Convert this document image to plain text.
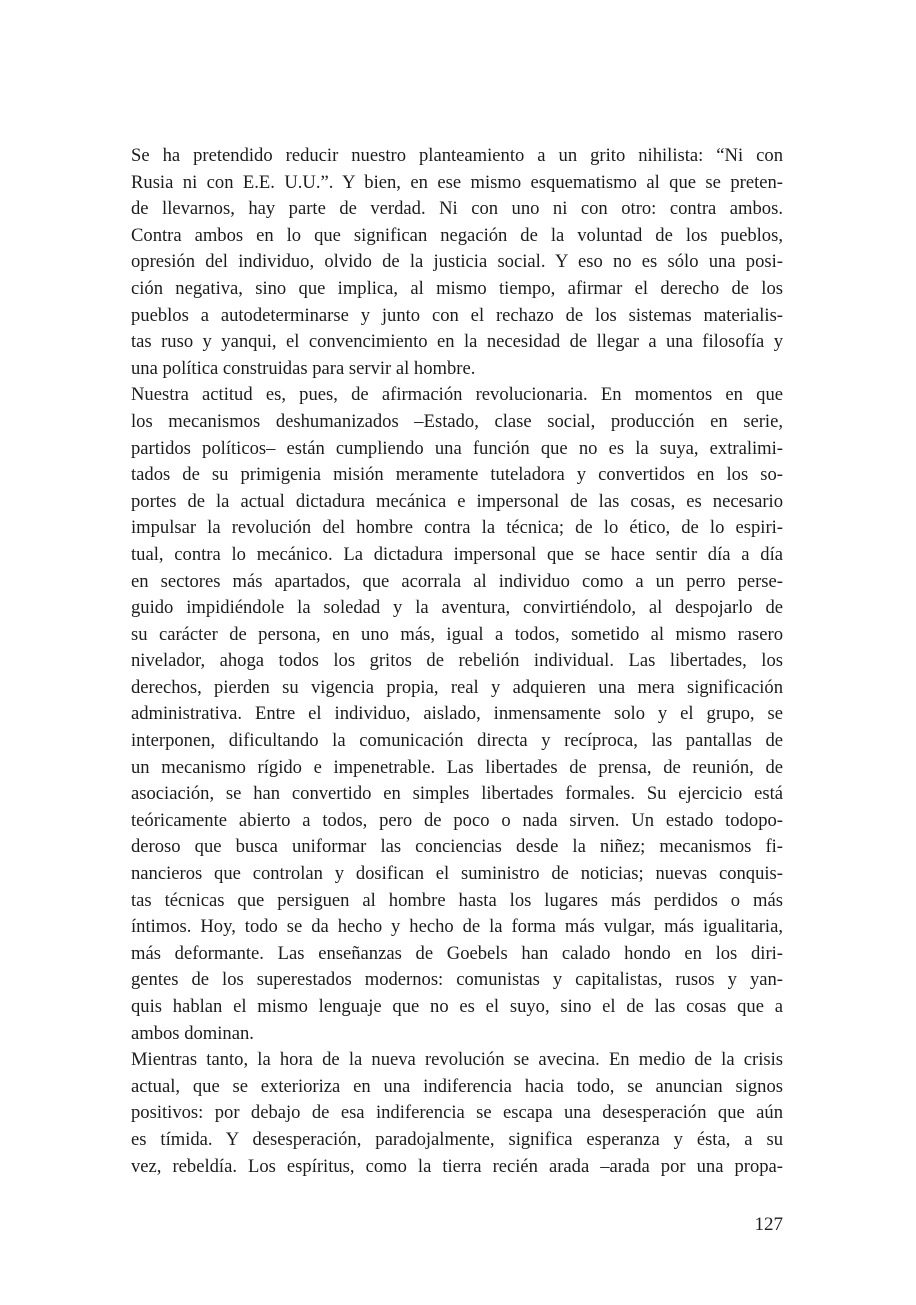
Se ha pretendido reducir nuestro planteamiento a un grito nihilista: “Ni con
Rusia ni con E.E. U.U.”. Y bien, en ese mismo esquematismo al que se preten-
de llevarnos, hay parte de verdad. Ni con uno ni con otro: contra ambos.
Contra ambos en lo que significan negación de la voluntad de los pueblos,
opresión del individuo, olvido de la justicia social. Y eso no es sólo una posi-
ción negativa, sino que implica, al mismo tiempo, afirmar el derecho de los
pueblos a autodeterminarse y junto con el rechazo de los sistemas materialis-
tas ruso y yanqui, el convencimiento en la necesidad de llegar a una filosofía y
una política construidas para servir al hombre.
Nuestra actitud es, pues, de afirmación revolucionaria. En momentos en que
los mecanismos deshumanizados –Estado, clase social, producción en serie,
partidos políticos– están cumpliendo una función que no es la suya, extralimi-
tados de su primigenia misión meramente tuteladora y convertidos en los so-
portes de la actual dictadura mecánica e impersonal de las cosas, es necesario
impulsar la revolución del hombre contra la técnica; de lo ético, de lo espiri-
tual, contra lo mecánico. La dictadura impersonal que se hace sentir día a día
en sectores más apartados, que acorrala al individuo como a un perro perse-
guido impidiéndole la soledad y la aventura, convirtiéndolo, al despojarlo de
su carácter de persona, en uno más, igual a todos, sometido al mismo rasero
nivelador, ahoga todos los gritos de rebelión individual. Las libertades, los
derechos, pierden su vigencia propia, real y adquieren una mera significación
administrativa. Entre el individuo, aislado, inmensamente solo y el grupo, se
interponen, dificultando la comunicación directa y recíproca, las pantallas de
un mecanismo rígido e impenetrable. Las libertades de prensa, de reunión, de
asociación, se han convertido en simples libertades formales. Su ejercicio está
teóricamente abierto a todos, pero de poco o nada sirven. Un estado todopo-
deroso que busca uniformar las conciencias desde la niñez; mecanismos fi-
nancieros que controlan y dosifican el suministro de noticias; nuevas conquis-
tas técnicas que persiguen al hombre hasta los lugares más perdidos o más
íntimos. Hoy, todo se da hecho y hecho de la forma más vulgar, más igualitaria,
más deformante. Las enseñanzas de Goebels han calado hondo en los diri-
gentes de los superestados modernos: comunistas y capitalistas, rusos y yan-
quis hablan el mismo lenguaje que no es el suyo, sino el de las cosas que a
ambos dominan.
Mientras tanto, la hora de la nueva revolución se avecina. En medio de la crisis
actual, que se exterioriza en una indiferencia hacia todo, se anuncian signos
positivos: por debajo de esa indiferencia se escapa una desesperación que aún
es tímida. Y desesperación, paradojalmente, significa esperanza y ésta, a su
vez, rebeldía. Los espíritus, como la tierra recién arada –arada por una propa-
127
